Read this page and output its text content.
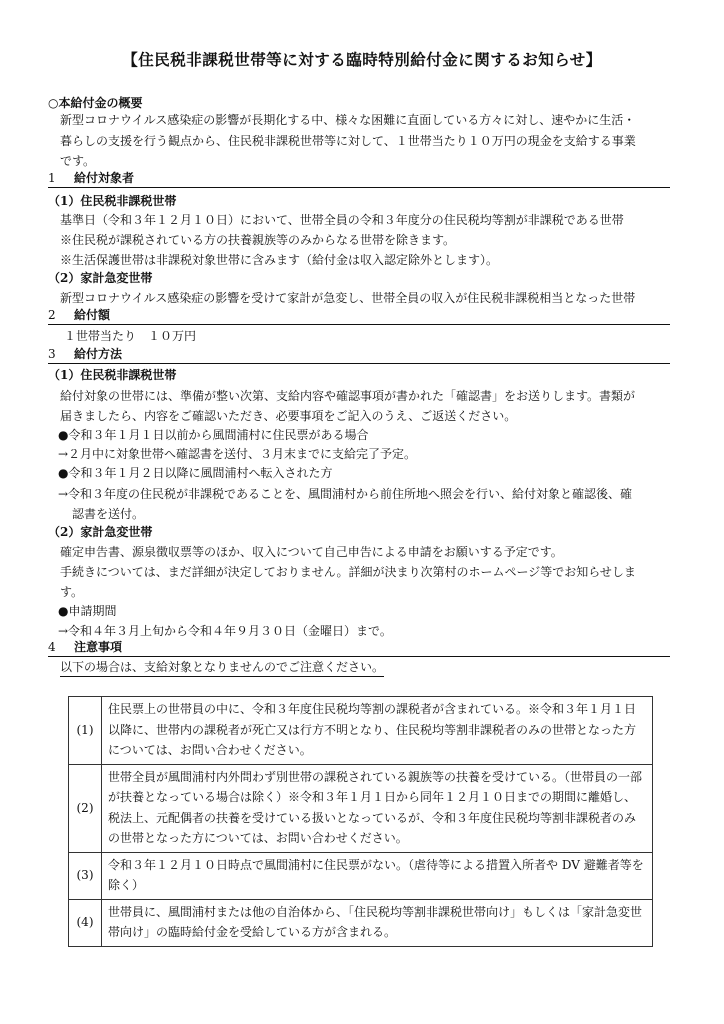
【住民税非課税世帯等に対する臨時特別給付金に関するお知らせ】
○本給付金の概要
新型コロナウイルス感染症の影響が長期化する中、様々な困難に直面している方々に対し、速やかに生活・
暮らしの支援を行う観点から、住民税非課税世帯等に対して、１世帯当たり１０万円の現金を支給する事業
です。
1 給付対象者
（1）住民税非課税世帯
基準日（令和３年１２月１０日）において、世帯全員の令和３年度分の住民税均等割が非課税である世帯
※住民税が課税されている方の扶養親族等のみからなる世帯を除きます。
※生活保護世帯は非課税対象世帯に含みます（給付金は収入認定除外とします）。
（2）家計急変世帯
新型コロナウイルス感染症の影響を受けて家計が急変し、世帯全員の収入が住民税非課税相当となった世帯
2 給付額
１世帯当たり　１０万円
3 給付方法
（1）住民税非課税世帯
給付対象の世帯には、準備が整い次第、支給内容や確認事項が書かれた「確認書」をお送りします。書類が
届きましたら、内容をご確認いただき、必要事項をご記入のうえ、ご返送ください。
●令和３年１月１日以前から風間浦村に住民票がある場合
→２月中に対象世帯へ確認書を送付、３月末までに支給完了予定。
●令和３年１月２日以降に風間浦村へ転入された方
→令和３年度の住民税が非課税であることを、風間浦村から前住所地へ照会を行い、給付対象と確認後、確
認書を送付。
（2）家計急変世帯
確定申告書、源泉徴収票等のほか、収入について自己申告による申請をお願いする予定です。
手続きについては、まだ詳細が決定しておりません。詳細が決まり次第村のホームページ等でお知らせしま
す。
●申請期間
→令和４年３月上旬から令和４年９月３０日（金曜日）まで。
4 注意事項
以下の場合は、支給対象となりませんのでご注意ください。
(1)	住民票上の世帯員の中に、令和３年度住民税均等割の課税者が含まれている。※令和３年１月１日以降に、世帯内の課税者が死亡又は行方不明となり、住民税均等割非課税者のみの世帯となった方については、お問い合わせください。
(2)	世帯全員が風間浦村内外問わず別世帯の課税されている親族等の扶養を受けている。（世帯員の一部が扶養となっている場合は除く）※令和３年１月１日から同年１２月１０日までの期間に離婚し、税法上、元配偶者の扶養を受けている扱いとなっているが、令和３年度住民税均等割非課税者のみの世帯となった方については、お問い合わせください。
(3)	令和３年１２月１０日時点で風間浦村に住民票がない。（虐待等による措置入所者や DV 避難者等を除く）
(4)	世帯員に、風間浦村または他の自治体から、「住民税均等割非課税世帯向け」もしくは「家計急変世帯向け」の臨時給付金を受給している方が含まれる。
